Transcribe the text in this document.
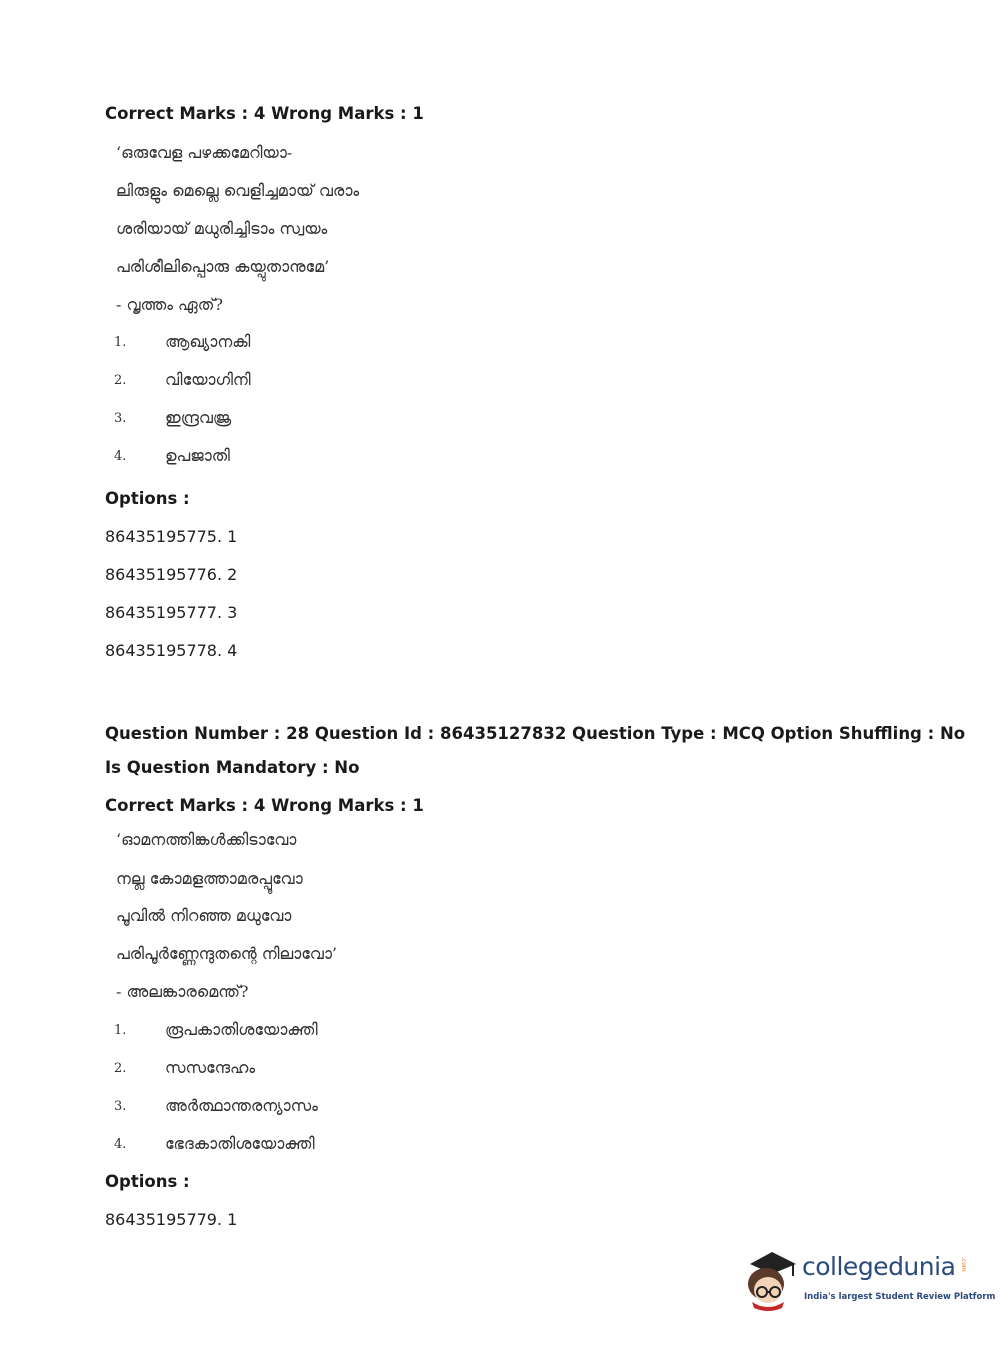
Correct Marks : 4 Wrong Marks : 1
‘ഒരുവേള പഴക്കമേറിയാ-
ലിരുളും മെല്ലെ വെളിച്ചമായ് വരാം
ശരിയായ് മധുരിച്ചിടാം സ്വയം
പരിശീലിപ്പൊരു കയ്പുതാനുമേ’
- വൃത്തം ഏത്?
1. ആഖ്യാനകി
2. വിയോഗിനി
3. ഇന്ദ്രവജ്ര
4. ഉപജാതി
Options :
86435195775. 1
86435195776. 2
86435195777. 3
86435195778. 4
Question Number : 28 Question Id : 86435127832 Question Type : MCQ Option Shuffling : No
Is Question Mandatory : No
Correct Marks : 4 Wrong Marks : 1
‘ഓമനത്തിങ്കൾക്കിടാവോ
നല്ല കോമളത്താമരപ്പൂവോ
പൂവിൽ നിറഞ്ഞ മധുവോ
പരിപൂർണ്ണേന്ദുതന്റെ നിലാവോ’
- അലങ്കാരമെന്ത്?
1. രൂപകാതിശയോക്തി
2. സസന്ദേഹം
3. അർത്ഥാന്തരന്യാസം
4. ഭേദകാതിശയോക്തി
Options :
86435195779. 1
collegedunia .com
India's largest Student Review Platform
